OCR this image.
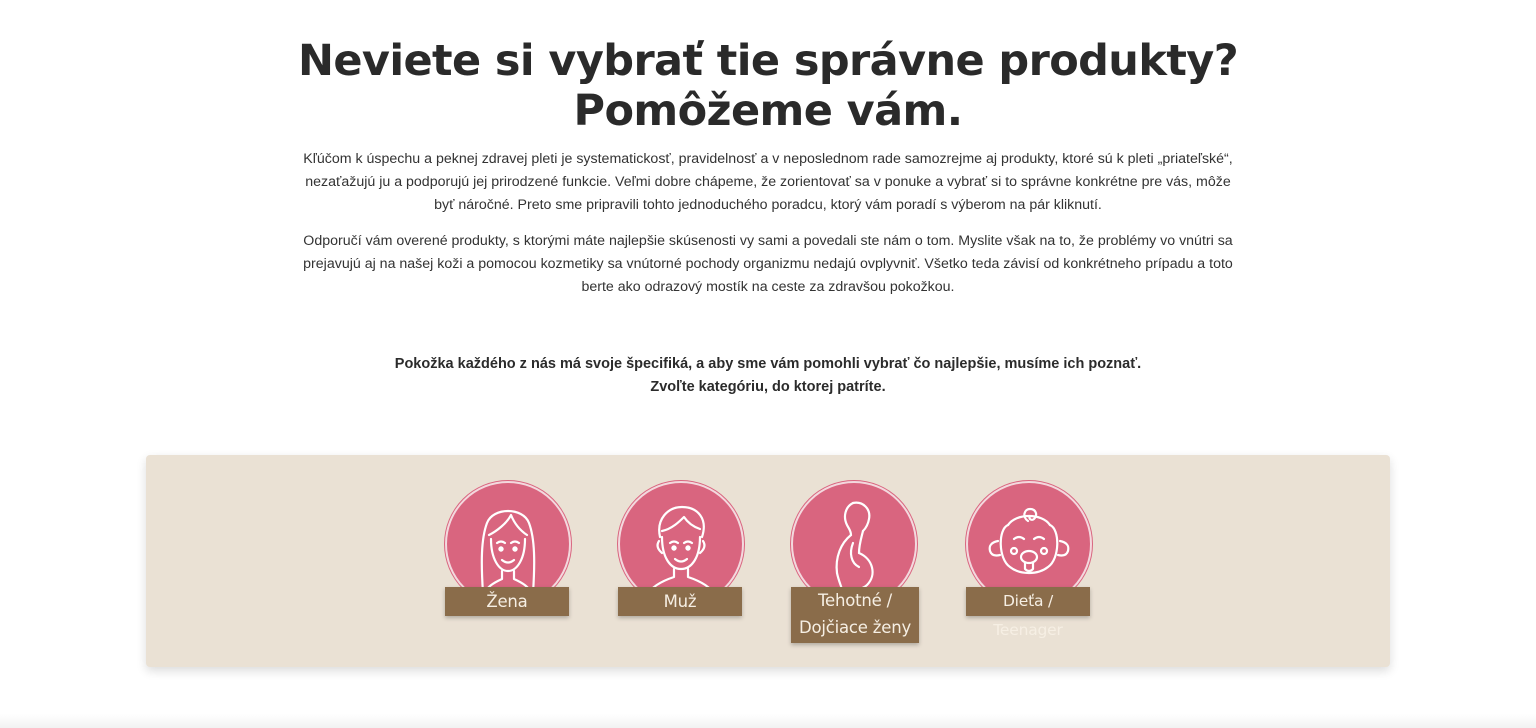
Neviete si vybrať tie správne produkty?
Pomôžeme vám.

Kľúčom k úspechu a peknej zdravej pleti je systematickosť, pravidelnosť a v neposlednom rade samozrejme aj produkty, ktoré sú k pleti „priateľské“, nezaťažujú ju a podporujú jej prirodzené funkcie. Veľmi dobre chápeme, že zorientovať sa v ponuke a vybrať si to správne konkrétne pre vás, môže byť náročné. Preto sme pripravili tohto jednoduchého poradcu, ktorý vám poradí s výberom na pár kliknutí.

Odporučí vám overené produkty, s ktorými máte najlepšie skúsenosti vy sami a povedali ste nám o tom. Myslite však na to, že problémy vo vnútri sa prejavujú aj na našej koži a pomocou kozmetiky sa vnútorné pochody organizmu nedajú ovplyvniť. Všetko teda závisí od konkrétneho prípadu a toto berte ako odrazový mostík na ceste za zdravšou pokožkou.

Pokožka každého z nás má svoje špecifiká, a aby sme vám pomohli vybrať čo najlepšie, musíme ich poznať.
Zvoľte kategóriu, do ktorej patríte.
Žena	Muž	Tehotné /
Dojčiace ženy
Dieťa / Teenager
